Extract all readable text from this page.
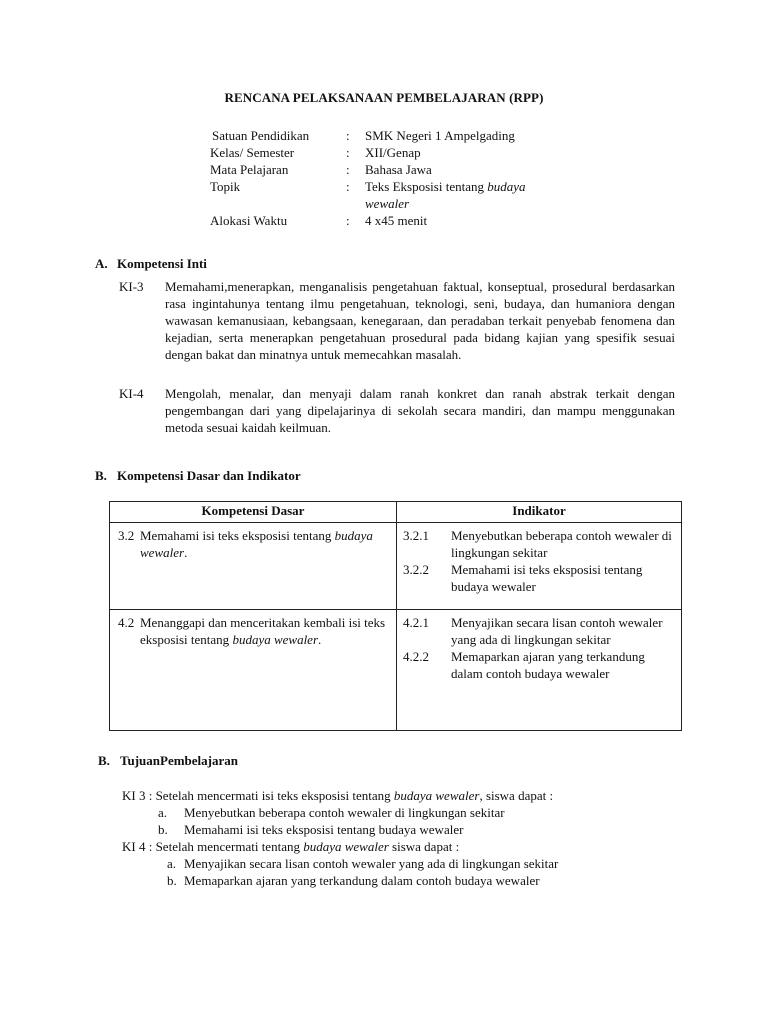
RENCANA PELAKSANAAN PEMBELAJARAN (RPP)
Satuan Pendidikan	:	SMK Negeri 1 Ampelgading
Kelas/ Semester	:	XII/Genap
Mata Pelajaran	:	Bahasa Jawa
Topik	:	Teks Eksposisi tentang budaya wewaler
Alokasi Waktu	:	4 x45 menit
A. Kompetensi Inti
KI-3	Memahami,menerapkan, menganalisis pengetahuan faktual, konseptual, prosedural berdasarkan rasa ingintahunya tentang ilmu pengetahuan, teknologi, seni, budaya, dan humaniora dengan wawasan kemanusiaan, kebangsaan, kenegaraan, dan peradaban terkait penyebab fenomena dan kejadian, serta menerapkan pengetahuan prosedural pada bidang kajian yang spesifik sesuai dengan bakat dan minatnya untuk memecahkan masalah.
KI-4	Mengolah, menalar, dan menyaji dalam ranah konkret dan ranah abstrak terkait dengan pengembangan dari yang dipelajarinya di sekolah secara mandiri, dan mampu menggunakan metoda sesuai kaidah keilmuan.
B. Kompetensi Dasar dan Indikator
Kompetensi Dasar	Indikator

3.2 Memahami isi teks eksposisi tentang budaya wewaler.

3.2.1	Menyebutkan beberapa contoh wewaler di lingkungan sekitar
3.2.2	Memahami isi teks eksposisi tentang budaya wewaler

4.2 Menanggapi dan menceritakan kembali isi teks eksposisi tentang budaya wewaler.

4.2.1	Menyajikan secara lisan contoh wewaler yang ada di lingkungan sekitar
4.2.2	Memaparkan ajaran yang terkandung dalam contoh budaya wewaler
B. TujuanPembelajaran
KI 3 : Setelah mencermati isi teks eksposisi tentang budaya wewaler, siswa dapat :
a.	Menyebutkan beberapa contoh wewaler di lingkungan sekitar
b.	Memahami isi teks eksposisi tentang budaya wewaler
KI 4 : Setelah mencermati tentang budaya wewaler siswa dapat :
a. Menyajikan secara lisan contoh wewaler yang ada di lingkungan sekitar
b. Memaparkan ajaran yang terkandung dalam contoh budaya wewaler
